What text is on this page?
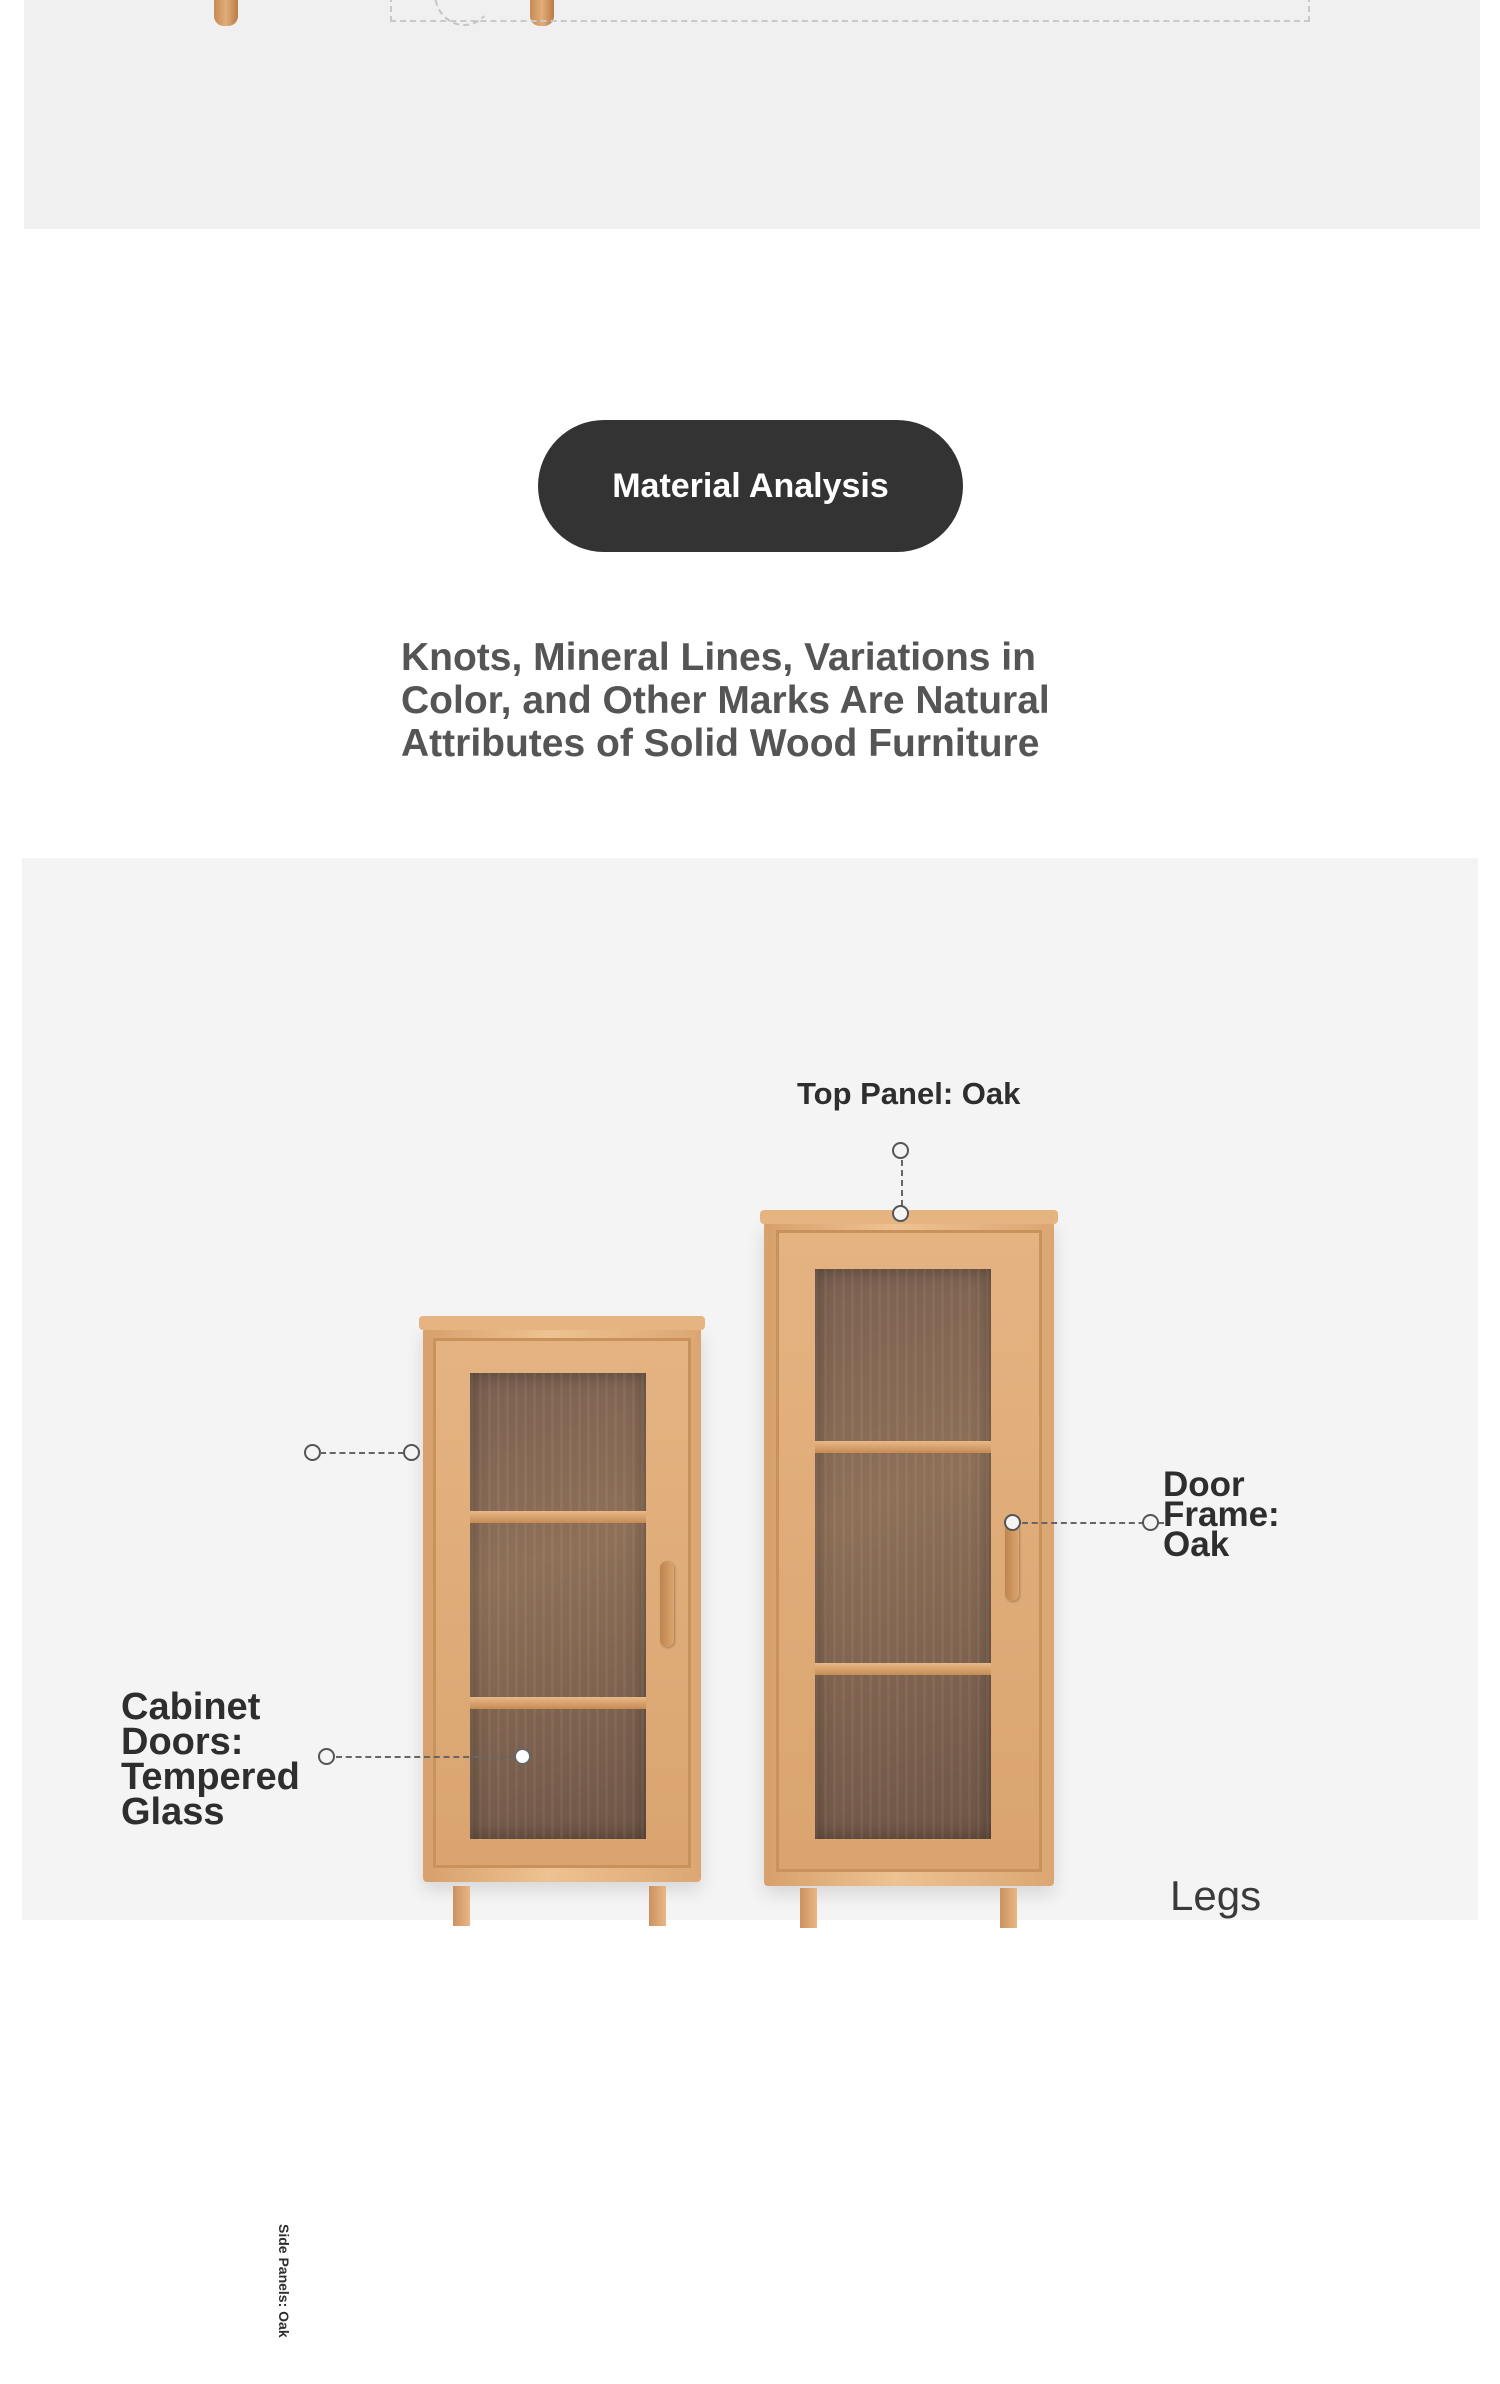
Material Analysis

Knots, Mineral Lines, Variations in Color, and Other Marks Are Natural Attributes of Solid Wood Furniture

Top Panel: Oak
Side Panels: Oak
Door
Frame:
Oak
Cabinet
Doors:
Tempered
Glass
Legs
